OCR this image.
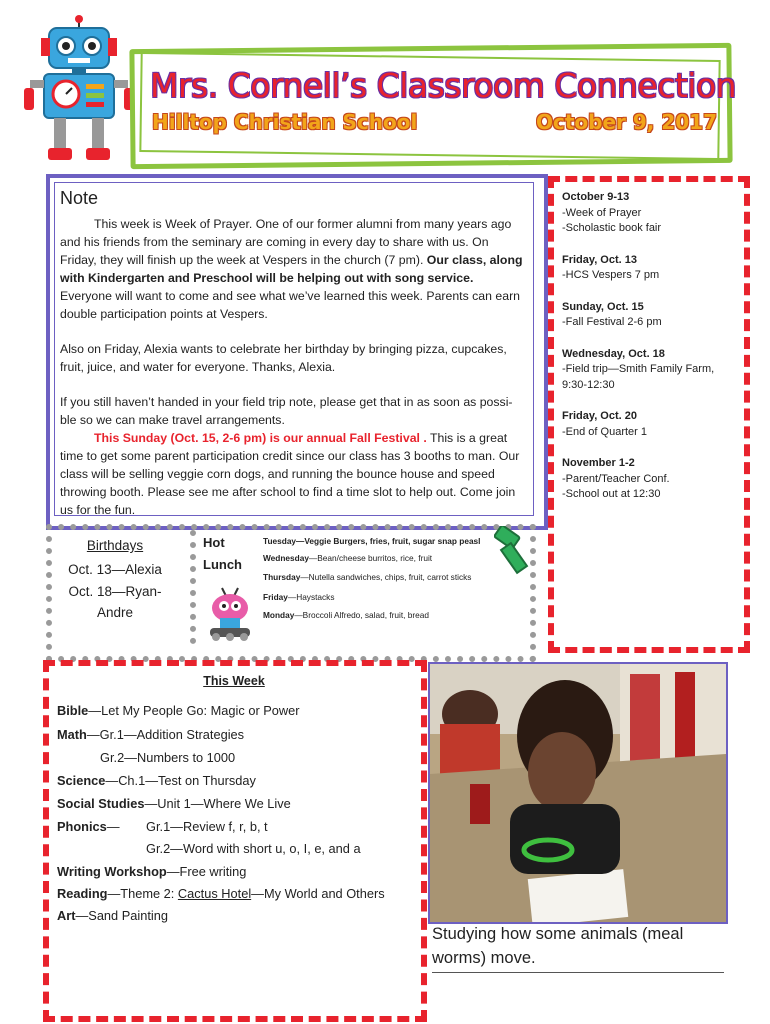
Mrs. Cornell’s Classroom Connection
Hilltop Christian School	October 9, 2017
Note

This week is Week of Prayer. One of our former alumni from many years ago and his friends from the seminary are coming in every day to share with us. On Friday, they will finish up the week at Vespers in the church (7 pm). Our class, along with Kindergarten and Preschool will be helping out with song service. Everyone will want to come and see what we’ve learned this week. Parents can earn double participation points at Vespers.

Also on Friday, Alexia wants to celebrate her birthday by bringing pizza, cupcakes, fruit, juice, and water for everyone. Thanks, Alexia.

If you still haven’t handed in your field trip note, please get that in as soon as possi-ble so we can make travel arrangements.

This Sunday (Oct. 15, 2-6 pm) is our annual Fall Festival . This is a great time to get some parent participation credit since our class has 3 booths to man. Our class will be selling veggie corn dogs, and running the bounce house and speed throwing booth. Please see me after school to find a time slot to help out. Come join us for the fun.

October 9-13
-Week of Prayer
-Scholastic book fair
Friday, Oct. 13
-HCS Vespers 7 pm
Sunday, Oct. 15
-Fall Festival 2-6 pm
Wednesday, Oct. 18
-Field trip—Smith Family Farm, 9:30-12:30
Friday, Oct. 20
-End of Quarter 1
November 1-2
-Parent/Teacher Conf.
-School out at 12:30
Birthdays
Oct. 13—Alexia
Oct. 18—Ryan-
Andre
Hot
Lunch
Tuesday—Veggie Burgers, fries, fruit, sugar snap peasl
Wednesday—Bean/cheese burritos, rice, fruit
Thursday—Nutella sandwiches, chips, fruit, carrot sticks
Friday—Haystacks
Monday—Broccoli Alfredo, salad, fruit, bread
This Week
Bible—Let My People Go: Magic or Power
Math—Gr.1—Addition Strategies
Gr.2—Numbers to 1000
Science—Ch.1—Test on Thursday
Social Studies—Unit 1—Where We Live
Phonics— Gr.1—Review f, r, b, t
Gr.2—Word with short u, o, I, e, and a
Writing Workshop—Free writing
Reading—Theme 2: Cactus Hotel—My World and Others
Art—Sand Painting
Studying how some animals (meal worms) move.
